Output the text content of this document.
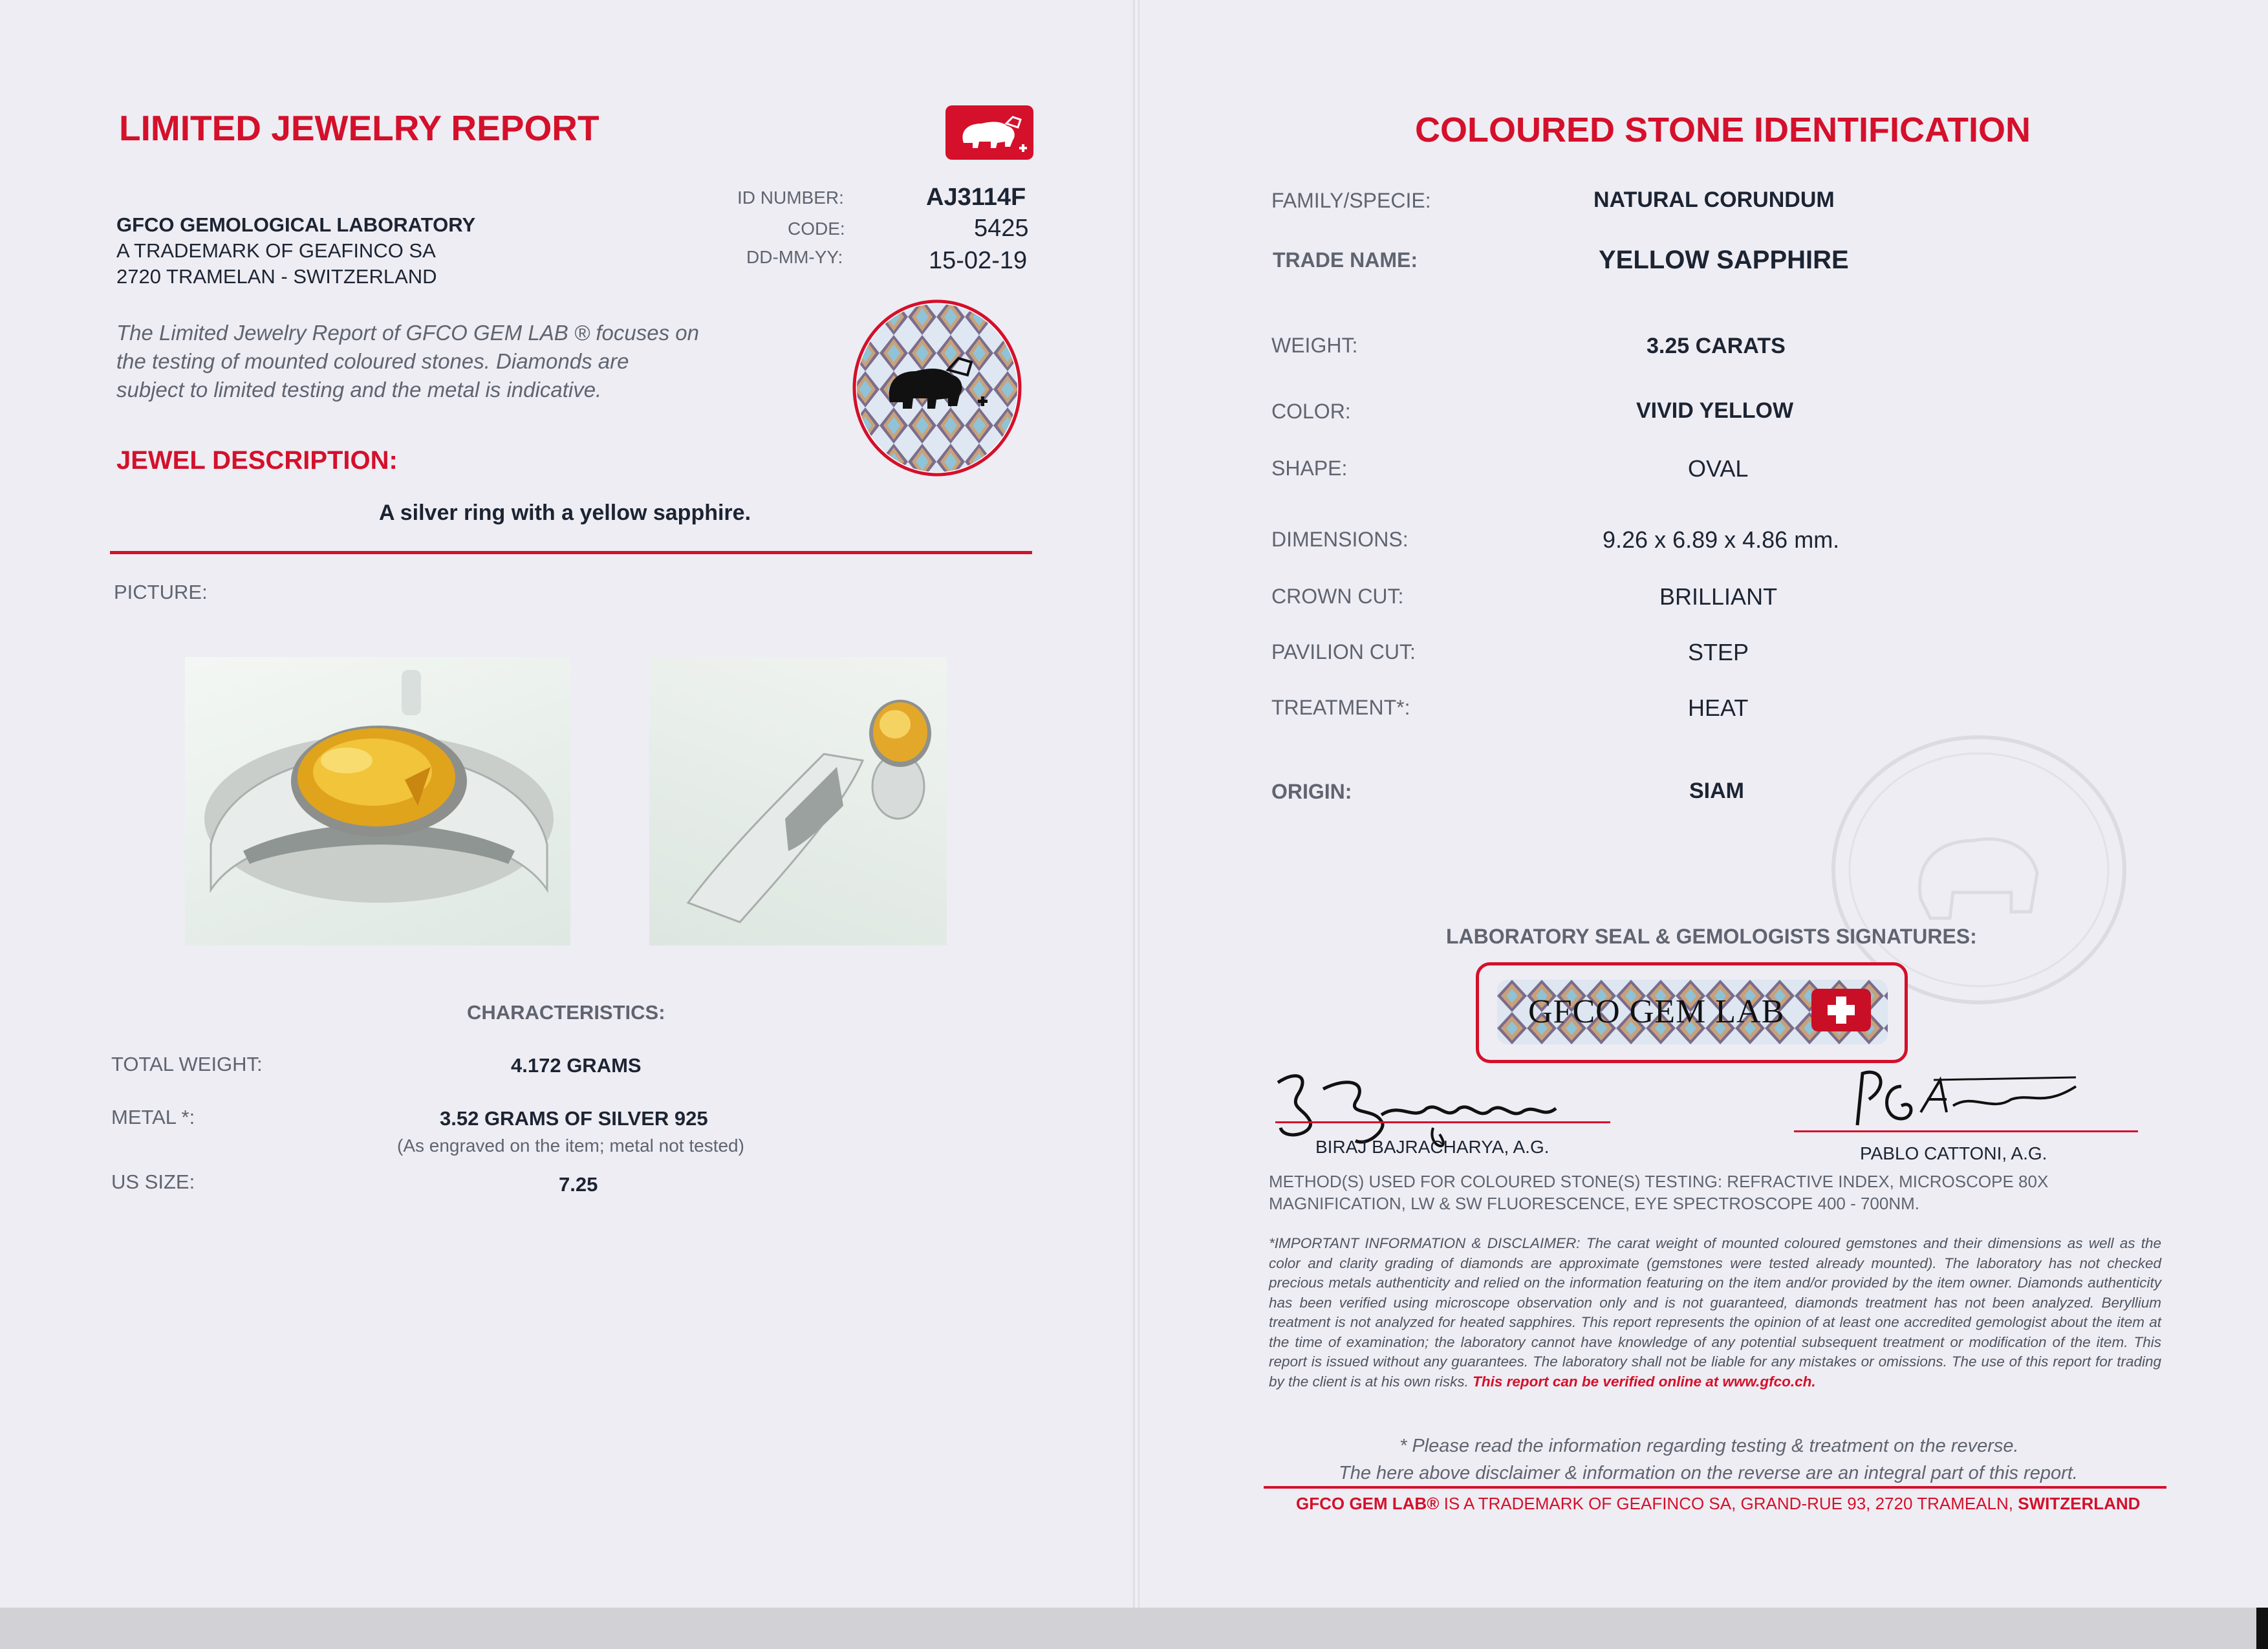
LIMITED JEWELRY REPORT
GFCO GEMOLOGICAL LABORATORY
A TRADEMARK OF GEAFINCO SA
2720 TRAMELAN - SWITZERLAND
ID NUMBER:	AJ3114F
CODE:	5425
DD-MM-YY:	15-02-19
The Limited Jewelry Report of GFCO GEM LAB ® focuses on
the testing of mounted coloured stones. Diamonds are
subject to limited testing and the metal is indicative.
JEWEL DESCRIPTION:
A silver ring with a yellow sapphire.
PICTURE:
CHARACTERISTICS:
TOTAL WEIGHT:	4.172 GRAMS
METAL *:	3.52 GRAMS OF SILVER 925
(As engraved on the item; metal not tested)
US SIZE:	7.25
COLOURED STONE IDENTIFICATION
FAMILY/SPECIE:	NATURAL CORUNDUM
TRADE NAME:	YELLOW SAPPHIRE
WEIGHT:	3.25 CARATS
COLOR:	VIVID YELLOW
SHAPE:	OVAL
DIMENSIONS:	9.26 x 6.89 x 4.86 mm.
CROWN CUT:	BRILLIANT
PAVILION CUT:	STEP
TREATMENT*:	HEAT
ORIGIN:	SIAM
LABORATORY SEAL & GEMOLOGISTS SIGNATURES:
GFCO GEM LAB
BIRAJ BAJRACHARYA, A.G.	PABLO CATTONI, A.G.
METHOD(S) USED FOR COLOURED STONE(S) TESTING: REFRACTIVE INDEX, MICROSCOPE 80X
MAGNIFICATION, LW & SW FLUORESCENCE, EYE SPECTROSCOPE 400 - 700NM.
*IMPORTANT INFORMATION & DISCLAIMER: The carat weight of mounted coloured gemstones and their dimensions as well as the color and clarity grading of diamonds are approximate (gemstones were tested already mounted). The laboratory has not checked precious metals authenticity and relied on the information featuring on the item and/or provided by the item owner. Diamonds authenticity has been verified using microscope observation only and is not guaranteed, diamonds treatment has not been analyzed. Beryllium treatment is not analyzed for heated sapphires. This report represents the opinion of at least one accredited gemologist about the item at the time of examination; the laboratory cannot have knowledge of any potential subsequent treatment or modification of the item. This report is issued without any guarantees. The laboratory shall not be liable for any mistakes or omissions. The use of this report for trading by the client is at his own risks. This report can be verified online at www.gfco.ch.
* Please read the information regarding testing & treatment on the reverse.
The here above disclaimer & information on the reverse are an integral part of this report.
GFCO GEM LAB® IS A TRADEMARK OF GEAFINCO SA, GRAND-RUE 93, 2720 TRAMEALN, SWITZERLAND
